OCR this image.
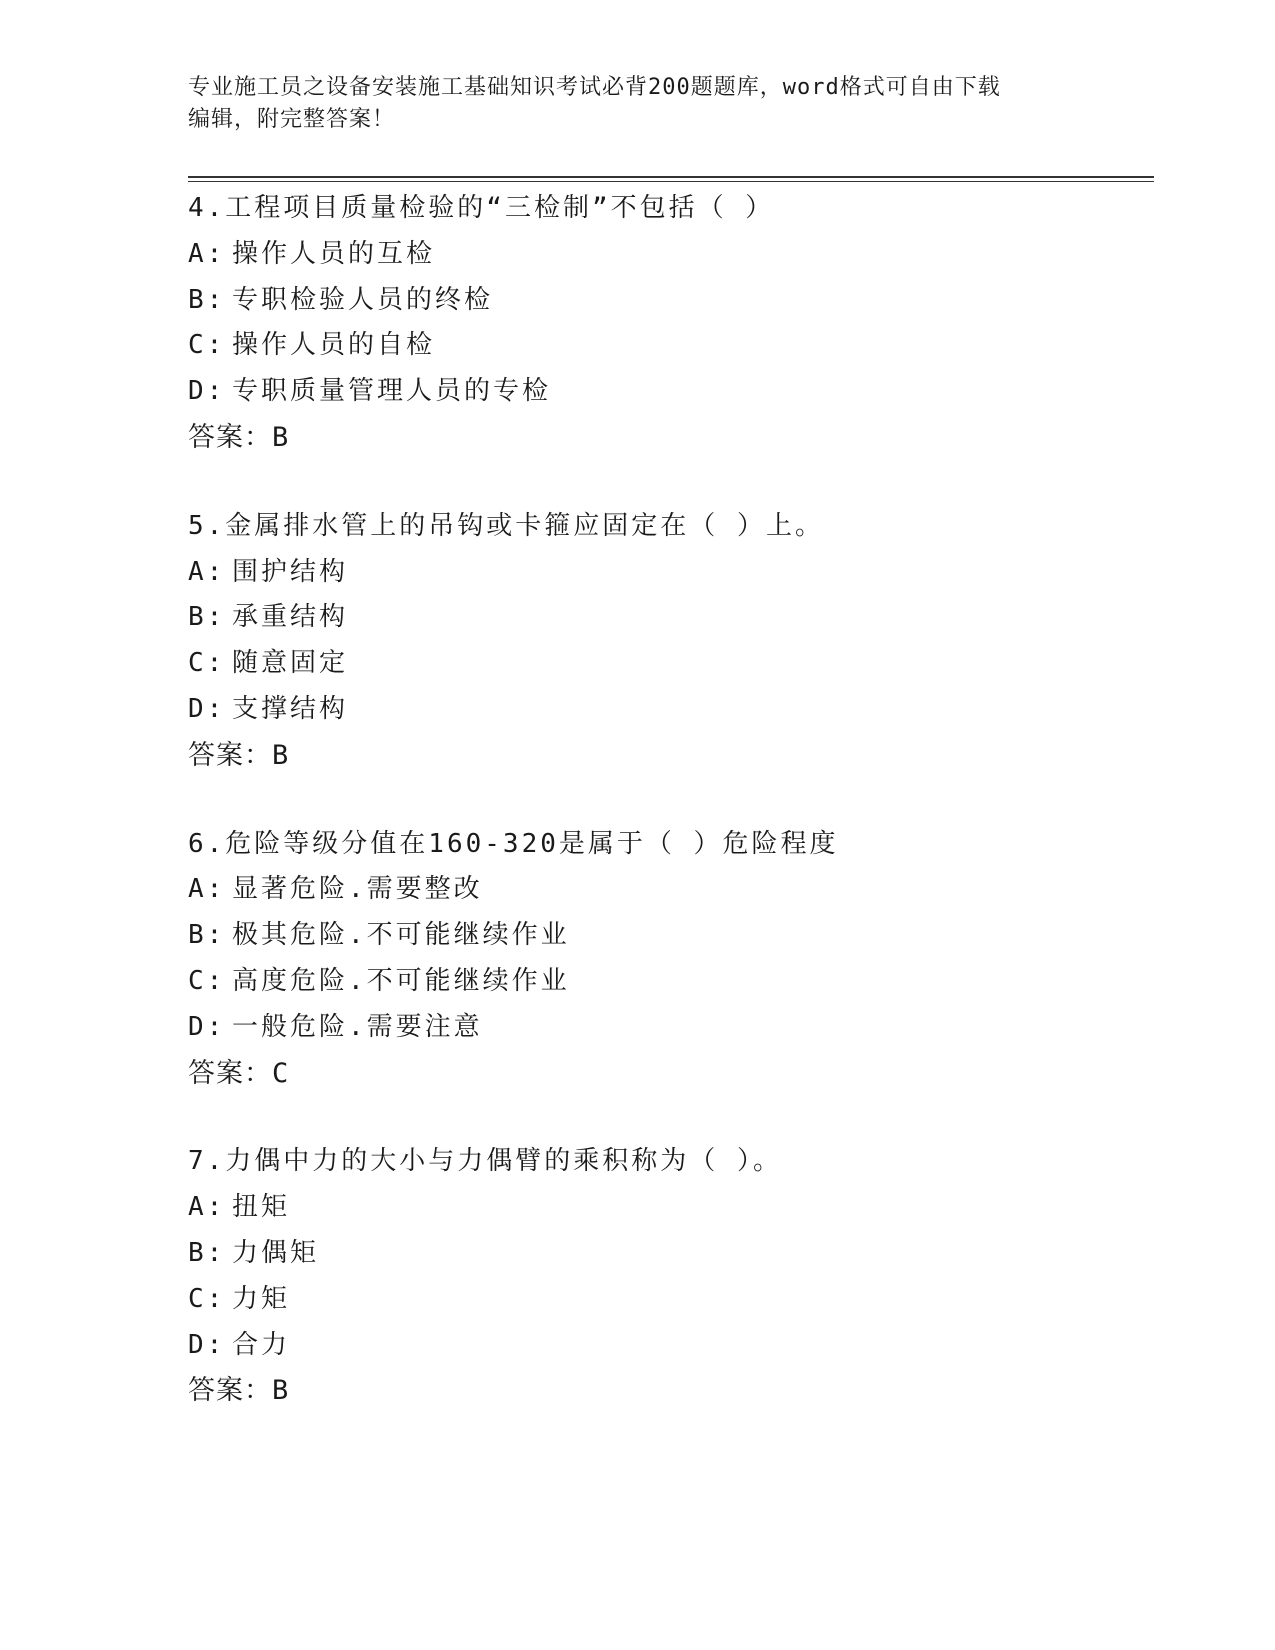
专业施工员之设备安装施工基础知识考试必背200题题库，word格式可自由下载
编辑，附完整答案！
4.工程项目质量检验的“三检制”不包括（ ）
A: 操作人员的互检
B: 专职检验人员的终检
C: 操作人员的自检
D: 专职质量管理人员的专检
答案：B
5.金属排水管上的吊钩或卡箍应固定在（ ）上。
A: 围护结构
B: 承重结构
C: 随意固定
D: 支撑结构
答案：B
6.危险等级分值在160-320是属于（ ）危险程度
A: 显著危险.需要整改
B: 极其危险.不可能继续作业
C: 高度危险.不可能继续作业
D: 一般危险.需要注意
答案：C
7.力偶中力的大小与力偶臂的乘积称为（ ）。
A: 扭矩
B: 力偶矩
C: 力矩
D: 合力
答案：B
